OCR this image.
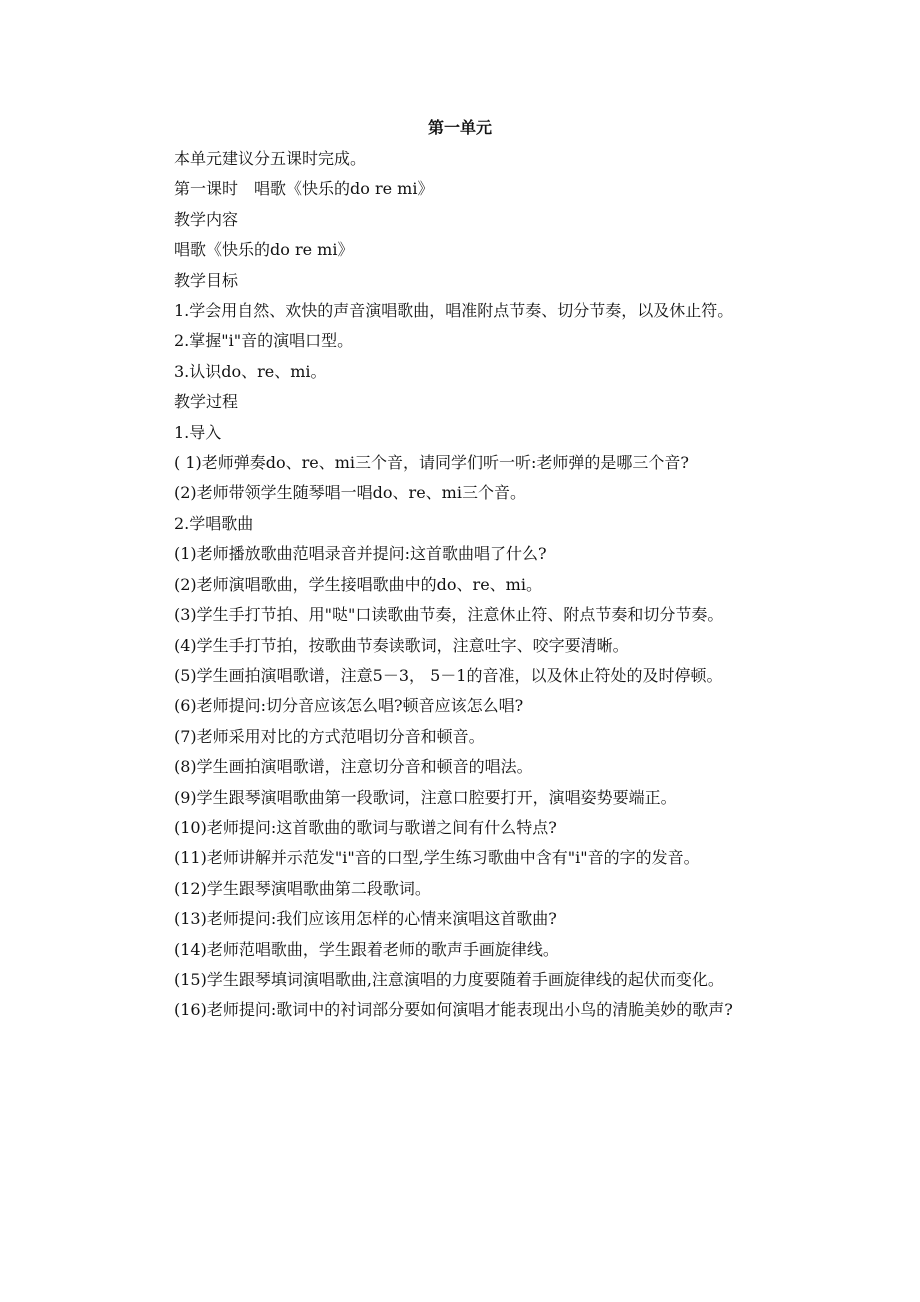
第一单元

本单元建议分五课时完成。

第一课时　唱歌《快乐的do re mi》

教学内容

唱歌《快乐的do re mi》

教学目标

1.学会用自然、欢快的声音演唱歌曲，唱准附点节奏、切分节奏，以及休止符。

2.掌握"i"音的演唱口型。

3.认识do、re、mi。

教学过程

1.导入

( 1)老师弹奏do、re、mi三个音，请同学们听一听:老师弹的是哪三个音?

(2)老师带领学生随琴唱一唱do、re、mi三个音。

2.学唱歌曲

(1)老师播放歌曲范唱录音并提问:这首歌曲唱了什么?

(2)老师演唱歌曲，学生接唱歌曲中的do、re、mi。

(3)学生手打节拍、用"哒"口读歌曲节奏，注意休止符、附点节奏和切分节奏。

(4)学生手打节拍，按歌曲节奏读歌词，注意吐字、咬字要清晰。

(5)学生画拍演唱歌谱，注意5－3， 5－1的音准，以及休止符处的及时停顿。

(6)老师提问:切分音应该怎么唱?顿音应该怎么唱?

(7)老师采用对比的方式范唱切分音和顿音。

(8)学生画拍演唱歌谱，注意切分音和顿音的唱法。

(9)学生跟琴演唱歌曲第一段歌词，注意口腔要打开，演唱姿势要端正。

(10)老师提问:这首歌曲的歌词与歌谱之间有什么特点?

(11)老师讲解并示范发"i"音的口型,学生练习歌曲中含有"i"音的字的发音。

(12)学生跟琴演唱歌曲第二段歌词。

(13)老师提问:我们应该用怎样的心情来演唱这首歌曲?

(14)老师范唱歌曲，学生跟着老师的歌声手画旋律线。

(15)学生跟琴填词演唱歌曲,注意演唱的力度要随着手画旋律线的起伏而变化。

(16)老师提问:歌词中的衬词部分要如何演唱才能表现出小鸟的清脆美妙的歌声?
